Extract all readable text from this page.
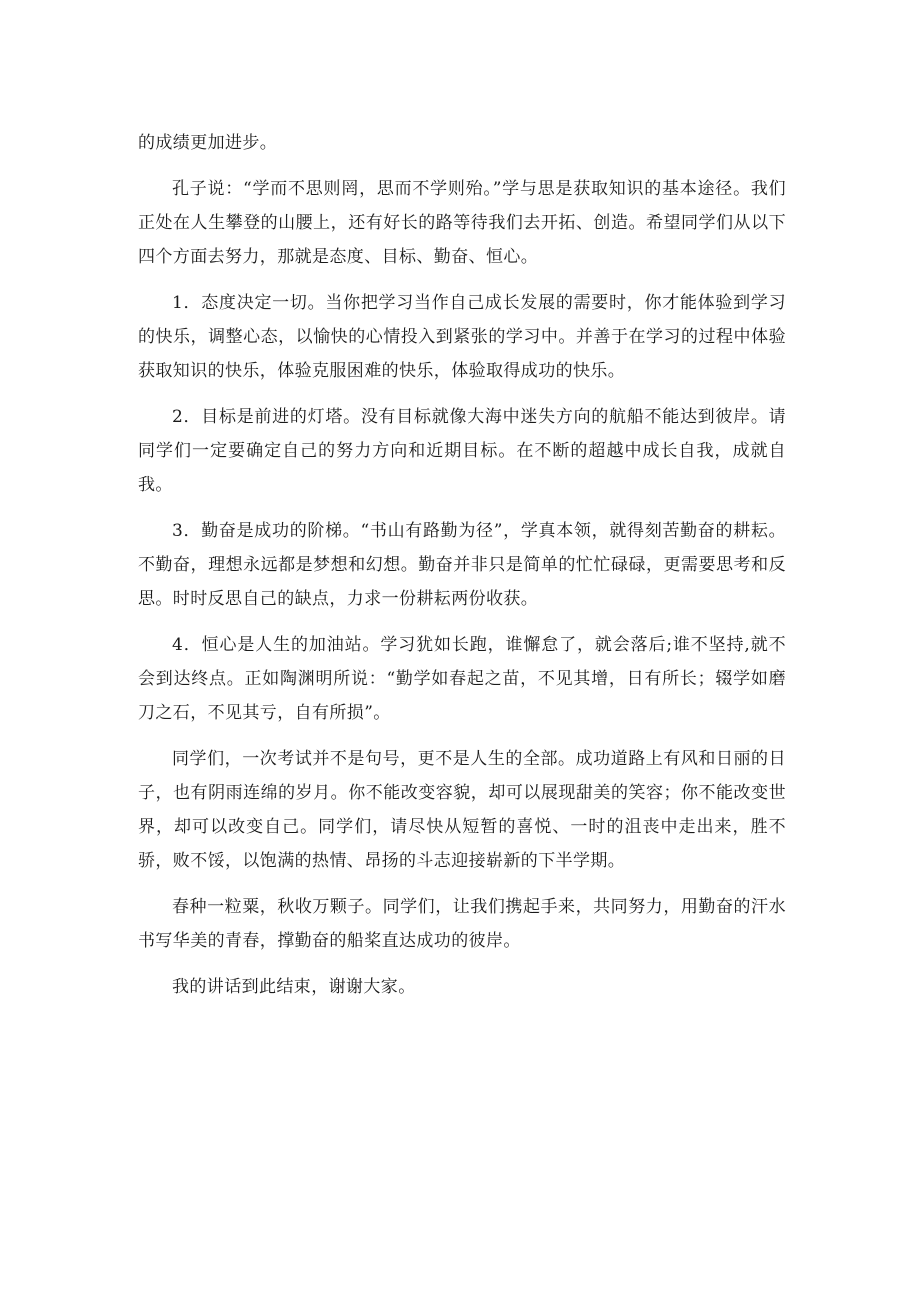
的成绩更加进步。

孔子说：“学而不思则罔，思而不学则殆。”学与思是获取知识的基本途径。我们正处在人生攀登的山腰上，还有好长的路等待我们去开拓、创造。希望同学们从以下四个方面去努力，那就是态度、目标、勤奋、恒心。

1．态度决定一切。当你把学习当作自己成长发展的需要时，你才能体验到学习的快乐，调整心态，以愉快的心情投入到紧张的学习中。并善于在学习的过程中体验获取知识的快乐，体验克服困难的快乐，体验取得成功的快乐。

2．目标是前进的灯塔。没有目标就像大海中迷失方向的航船不能达到彼岸。请同学们一定要确定自己的努力方向和近期目标。在不断的超越中成长自我，成就自我。

3．勤奋是成功的阶梯。“书山有路勤为径”，学真本领，就得刻苦勤奋的耕耘。不勤奋，理想永远都是梦想和幻想。勤奋并非只是简单的忙忙碌碌，更需要思考和反思。时时反思自己的缺点，力求一份耕耘两份收获。

4．恒心是人生的加油站。学习犹如长跑，谁懈怠了，就会落后;谁不坚持,就不会到达终点。正如陶渊明所说：“勤学如春起之苗，不见其增，日有所长；辍学如磨刀之石，不见其亏，自有所损”。

同学们，一次考试并不是句号，更不是人生的全部。成功道路上有风和日丽的日子，也有阴雨连绵的岁月。你不能改变容貌，却可以展现甜美的笑容；你不能改变世界，却可以改变自己。同学们，请尽快从短暂的喜悦、一时的沮丧中走出来，胜不骄，败不馁，以饱满的热情、昂扬的斗志迎接崭新的下半学期。

春种一粒粟，秋收万颗子。同学们，让我们携起手来，共同努力，用勤奋的汗水书写华美的青春，撑勤奋的船桨直达成功的彼岸。

我的讲话到此结束，谢谢大家。
